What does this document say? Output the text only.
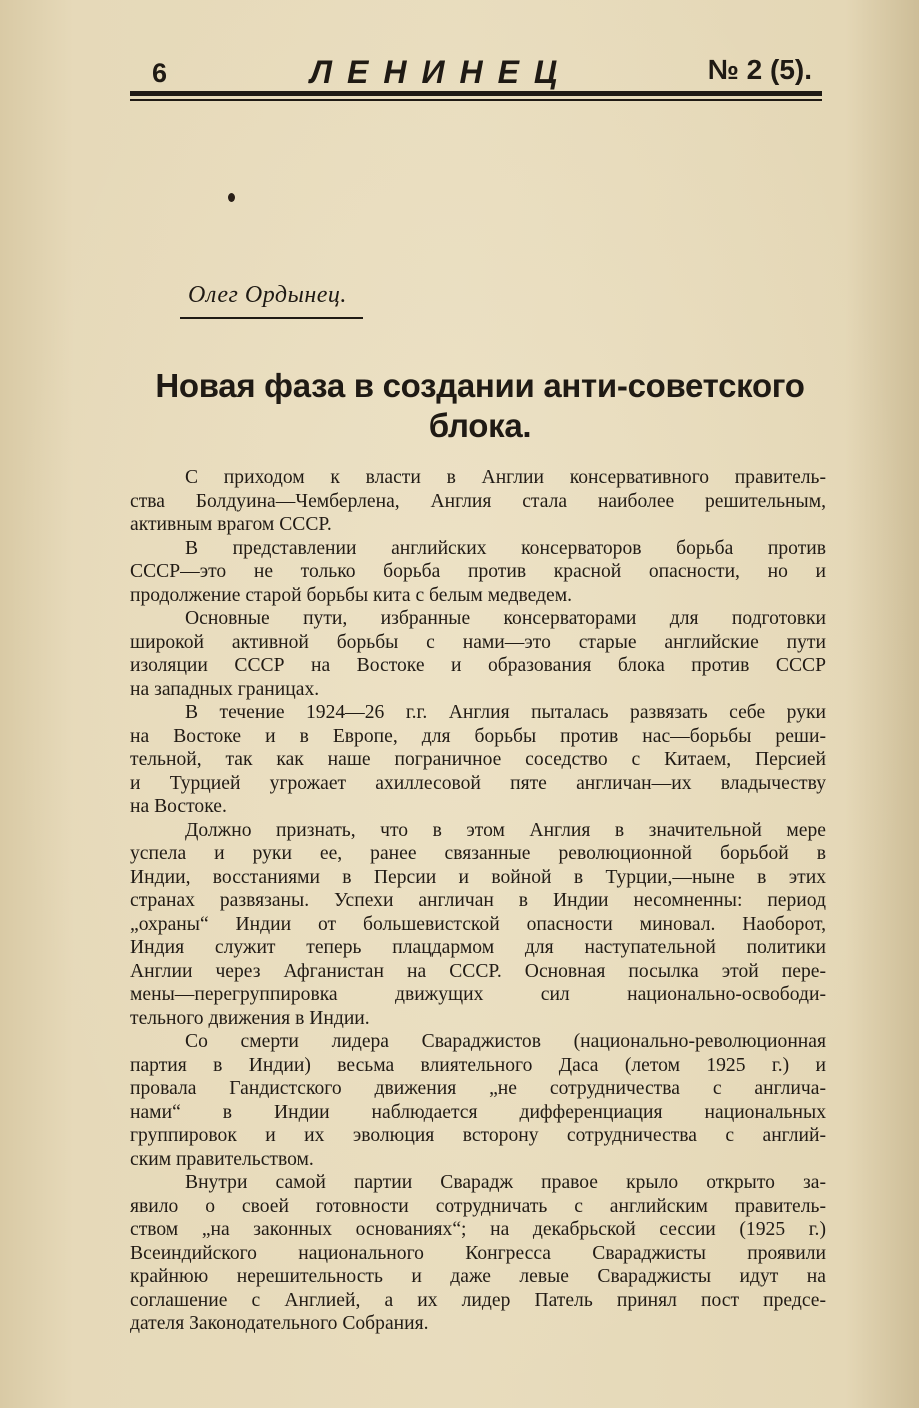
6	ЛЕНИНЕЦ	№ 2 (5).
Олег Ордынец.
Новая фаза в создании анти-советского
блока.
С приходом к власти в Англии консервативного правитель-
ства Болдуина—Чемберлена, Англия стала наиболее решительным,
активным врагом СССР.
В представлении английских консерваторов борьба против
СССР—это не только борьба против красной опасности, но и
продолжение старой борьбы кита с белым медведем.
Основные пути, избранные консерваторами для подготовки
широкой активной борьбы с нами—это старые английские пути
изоляции СССР на Востоке и образования блока против СССР
на западных границах.
В течение 1924—26 г.г. Англия пыталась развязать себе руки
на Востоке и в Европе, для борьбы против нас—борьбы реши-
тельной, так как наше пограничное соседство с Китаем, Персией
и Турцией угрожает ахиллесовой пяте англичан—их владычеству
на Востоке.
Должно признать, что в этом Англия в значительной мере
успела и руки ее, ранее связанные революционной борьбой в
Индии, восстаниями в Персии и войной в Турции,—ныне в этих
странах развязаны. Успехи англичан в Индии несомненны: период
„охраны“ Индии от большевистской опасности миновал. Наоборот,
Индия служит теперь плацдармом для наступательной политики
Англии через Афганистан на СССР. Основная посылка этой пере-
мены—перегруппировка движущих сил национально-освободи-
тельного движения в Индии.
Со смерти лидера Свараджистов (национально-революционная
партия в Индии) весьма влиятельного Даса (летом 1925 г.) и
провала Гандистского движения „не сотрудничества с англича-
нами“ в Индии наблюдается дифференциация национальных
группировок и их эволюция всторону сотрудничества с англий-
ским правительством.
Внутри самой партии Сварадж правое крыло открыто за-
явило о своей готовности сотрудничать с английским правитель-
ством „на законных основаниях“; на декабрьской сессии (1925 г.)
Всеиндийского национального Конгресса Свараджисты проявили
крайнюю нерешительность и даже левые Свараджисты идут на
соглашение с Англией, а их лидер Патель принял пост предсе-
дателя Законодательного Собрания.
